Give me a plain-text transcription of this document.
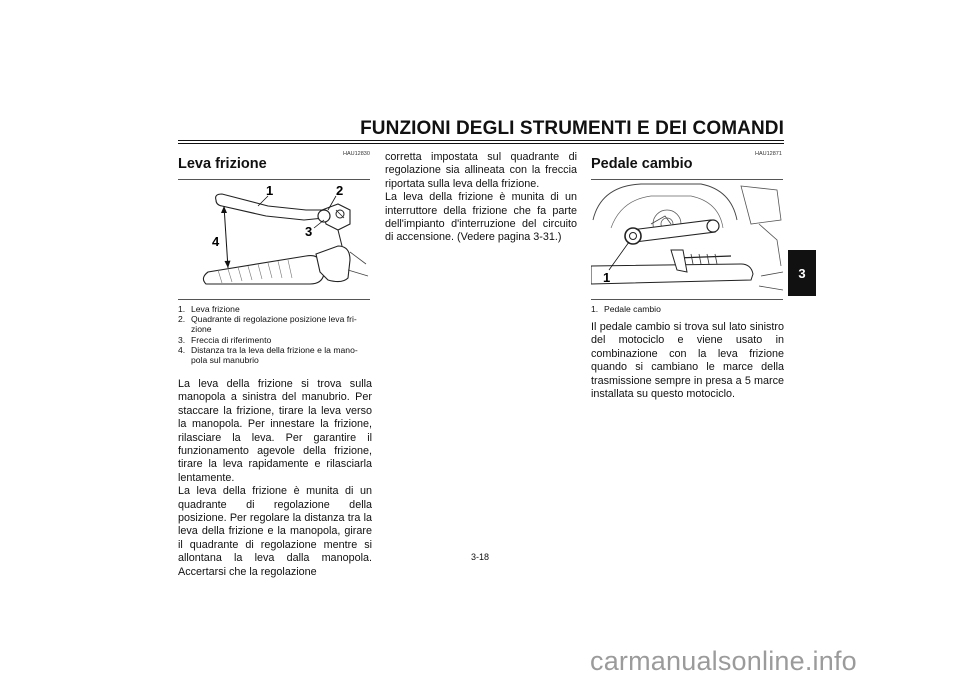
FUNZIONI DEGLI STRUMENTI E DEI COMANDI
3
HAU12830
Leva frizione
1	2
3
4
1. Leva frizione
2. Quadrante di regolazione posizione leva fri-
zione
3. Freccia di riferimento
4. Distanza tra la leva della frizione e la mano-
pola sul manubrio

La leva della frizione si trova sulla manopola a sinistra del manubrio. Per staccare la frizione, tirare la leva verso la manopola. Per innestare la frizione, rilasciare la leva. Per garantire il funzionamento agevole della frizione, tirare la leva rapidamente e rilasciarla lentamente.

La leva della frizione è munita di un quadrante di regolazione della posizione. Per regolare la distanza tra la leva della frizione e la manopola, girare il quadrante di regolazione mentre si allontana la leva dalla manopola. Accertarsi che la regolazione

corretta impostata sul quadrante di regolazione sia allineata con la freccia riportata sulla leva della frizione.

La leva della frizione è munita di un interruttore della frizione che fa parte dell'impianto d'interruzione del circuito di accensione. (Vedere pagina 3-31.)

HAU12871
Pedale cambio
1
1. Pedale cambio

Il pedale cambio si trova sul lato sinistro del motociclo e viene usato in combinazione con la leva frizione quando si cambiano le marce della trasmissione sempre in presa a 5 marce installata su questo motociclo.

3-18
carmanualsonline.info
